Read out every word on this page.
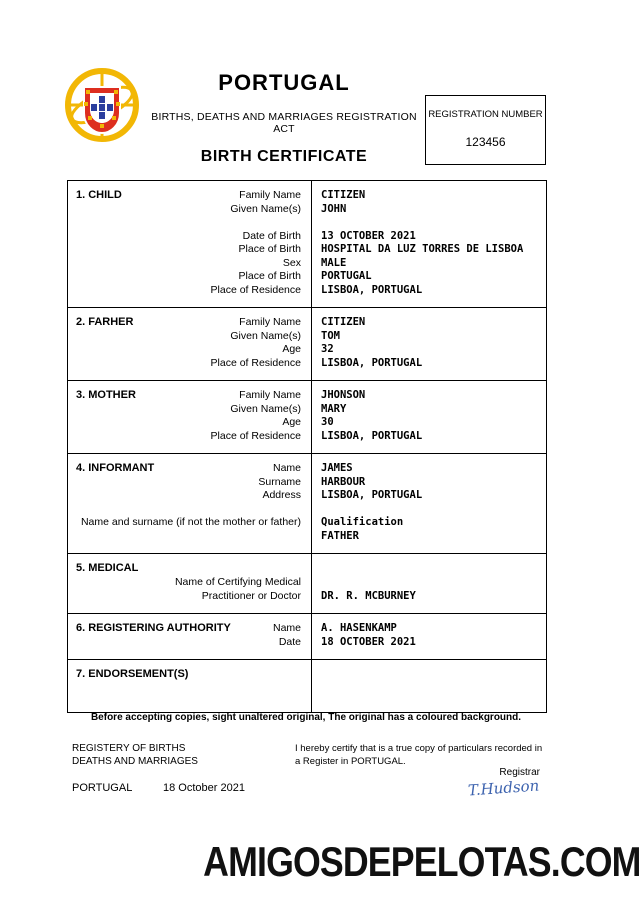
PORTUGAL
BIRTHS, DEATHS AND MARRIAGES REGISTRATION ACT
BIRTH CERTIFICATE
REGISTRATION NUMBER
123456
1. CHILD	Family Name	CITIZEN
Given Name(s)	JOHN

Date of Birth	13 OCTOBER 2021
Place of Birth	HOSPITAL DA LUZ TORRES DE LISBOA
Sex	MALE
Place of Birth	PORTUGAL
Place of Residence	LISBOA, PORTUGAL
2. FARHER	Family Name	CITIZEN
Given Name(s)	TOM
Age	32
Place of Residence	LISBOA, PORTUGAL
3. MOTHER	Family Name	JHONSON
Given Name(s)	MARY
Age	30
Place of Residence	LISBOA, PORTUGAL
4. INFORMANT	Name	JAMES
Surname	HARBOUR
Address	LISBOA, PORTUGAL

Name and surname (if not the mother or father)	Qualification

FATHER
5. MEDICAL
Name of Certifying Medical

Practitioner or Doctor	DR. R. MCBURNEY
6. REGISTERING AUTHORITY	Name	A. HASENKAMP
Date	18 OCTOBER 2021
7. ENDORSEMENT(S)
Before accepting copies, sight unaltered original, The original has a coloured background.
REGISTERY OF BIRTHS
DEATHS AND MARRIAGES
I hereby certify that is a true copy of particulars recorded in a Register in PORTUGAL.
Registrar
PORTUGAL	18 October 2021	T.Hudson
AMIGOSDEPELOTAS.COM
